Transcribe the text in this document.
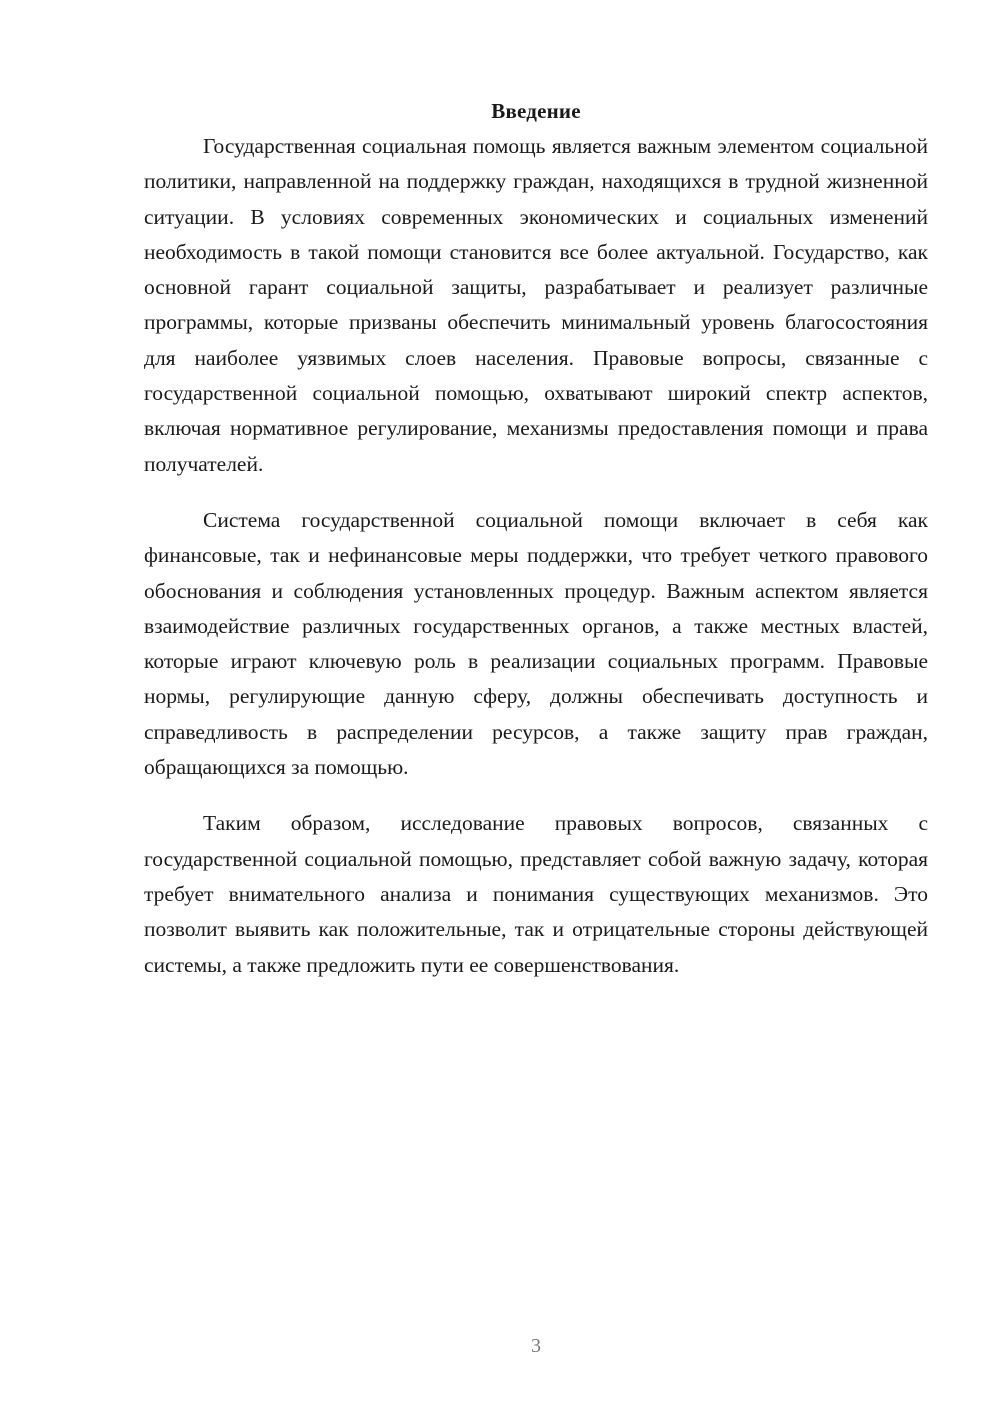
Введение

Государственная социальная помощь является важным элементом социальной политики, направленной на поддержку граждан, находящихся в трудной жизненной ситуации. В условиях современных экономических и социальных изменений необходимость в такой помощи становится все более актуальной. Государство, как основной гарант социальной защиты, разрабатывает и реализует различные программы, которые призваны обеспечить минимальный уровень благосостояния для наиболее уязвимых слоев населения. Правовые вопросы, связанные с государственной социальной помощью, охватывают широкий спектр аспектов, включая нормативное регулирование, механизмы предоставления помощи и права получателей.

Система государственной социальной помощи включает в себя как финансовые, так и нефинансовые меры поддержки, что требует четкого правового обоснования и соблюдения установленных процедур. Важным аспектом является взаимодействие различных государственных органов, а также местных властей, которые играют ключевую роль в реализации социальных программ. Правовые нормы, регулирующие данную сферу, должны обеспечивать доступность и справедливость в распределении ресурсов, а также защиту прав граждан, обращающихся за помощью.

Таким образом, исследование правовых вопросов, связанных с государственной социальной помощью, представляет собой важную задачу, которая требует внимательного анализа и понимания существующих механизмов. Это позволит выявить как положительные, так и отрицательные стороны действующей системы, а также предложить пути ее совершенствования.

3
